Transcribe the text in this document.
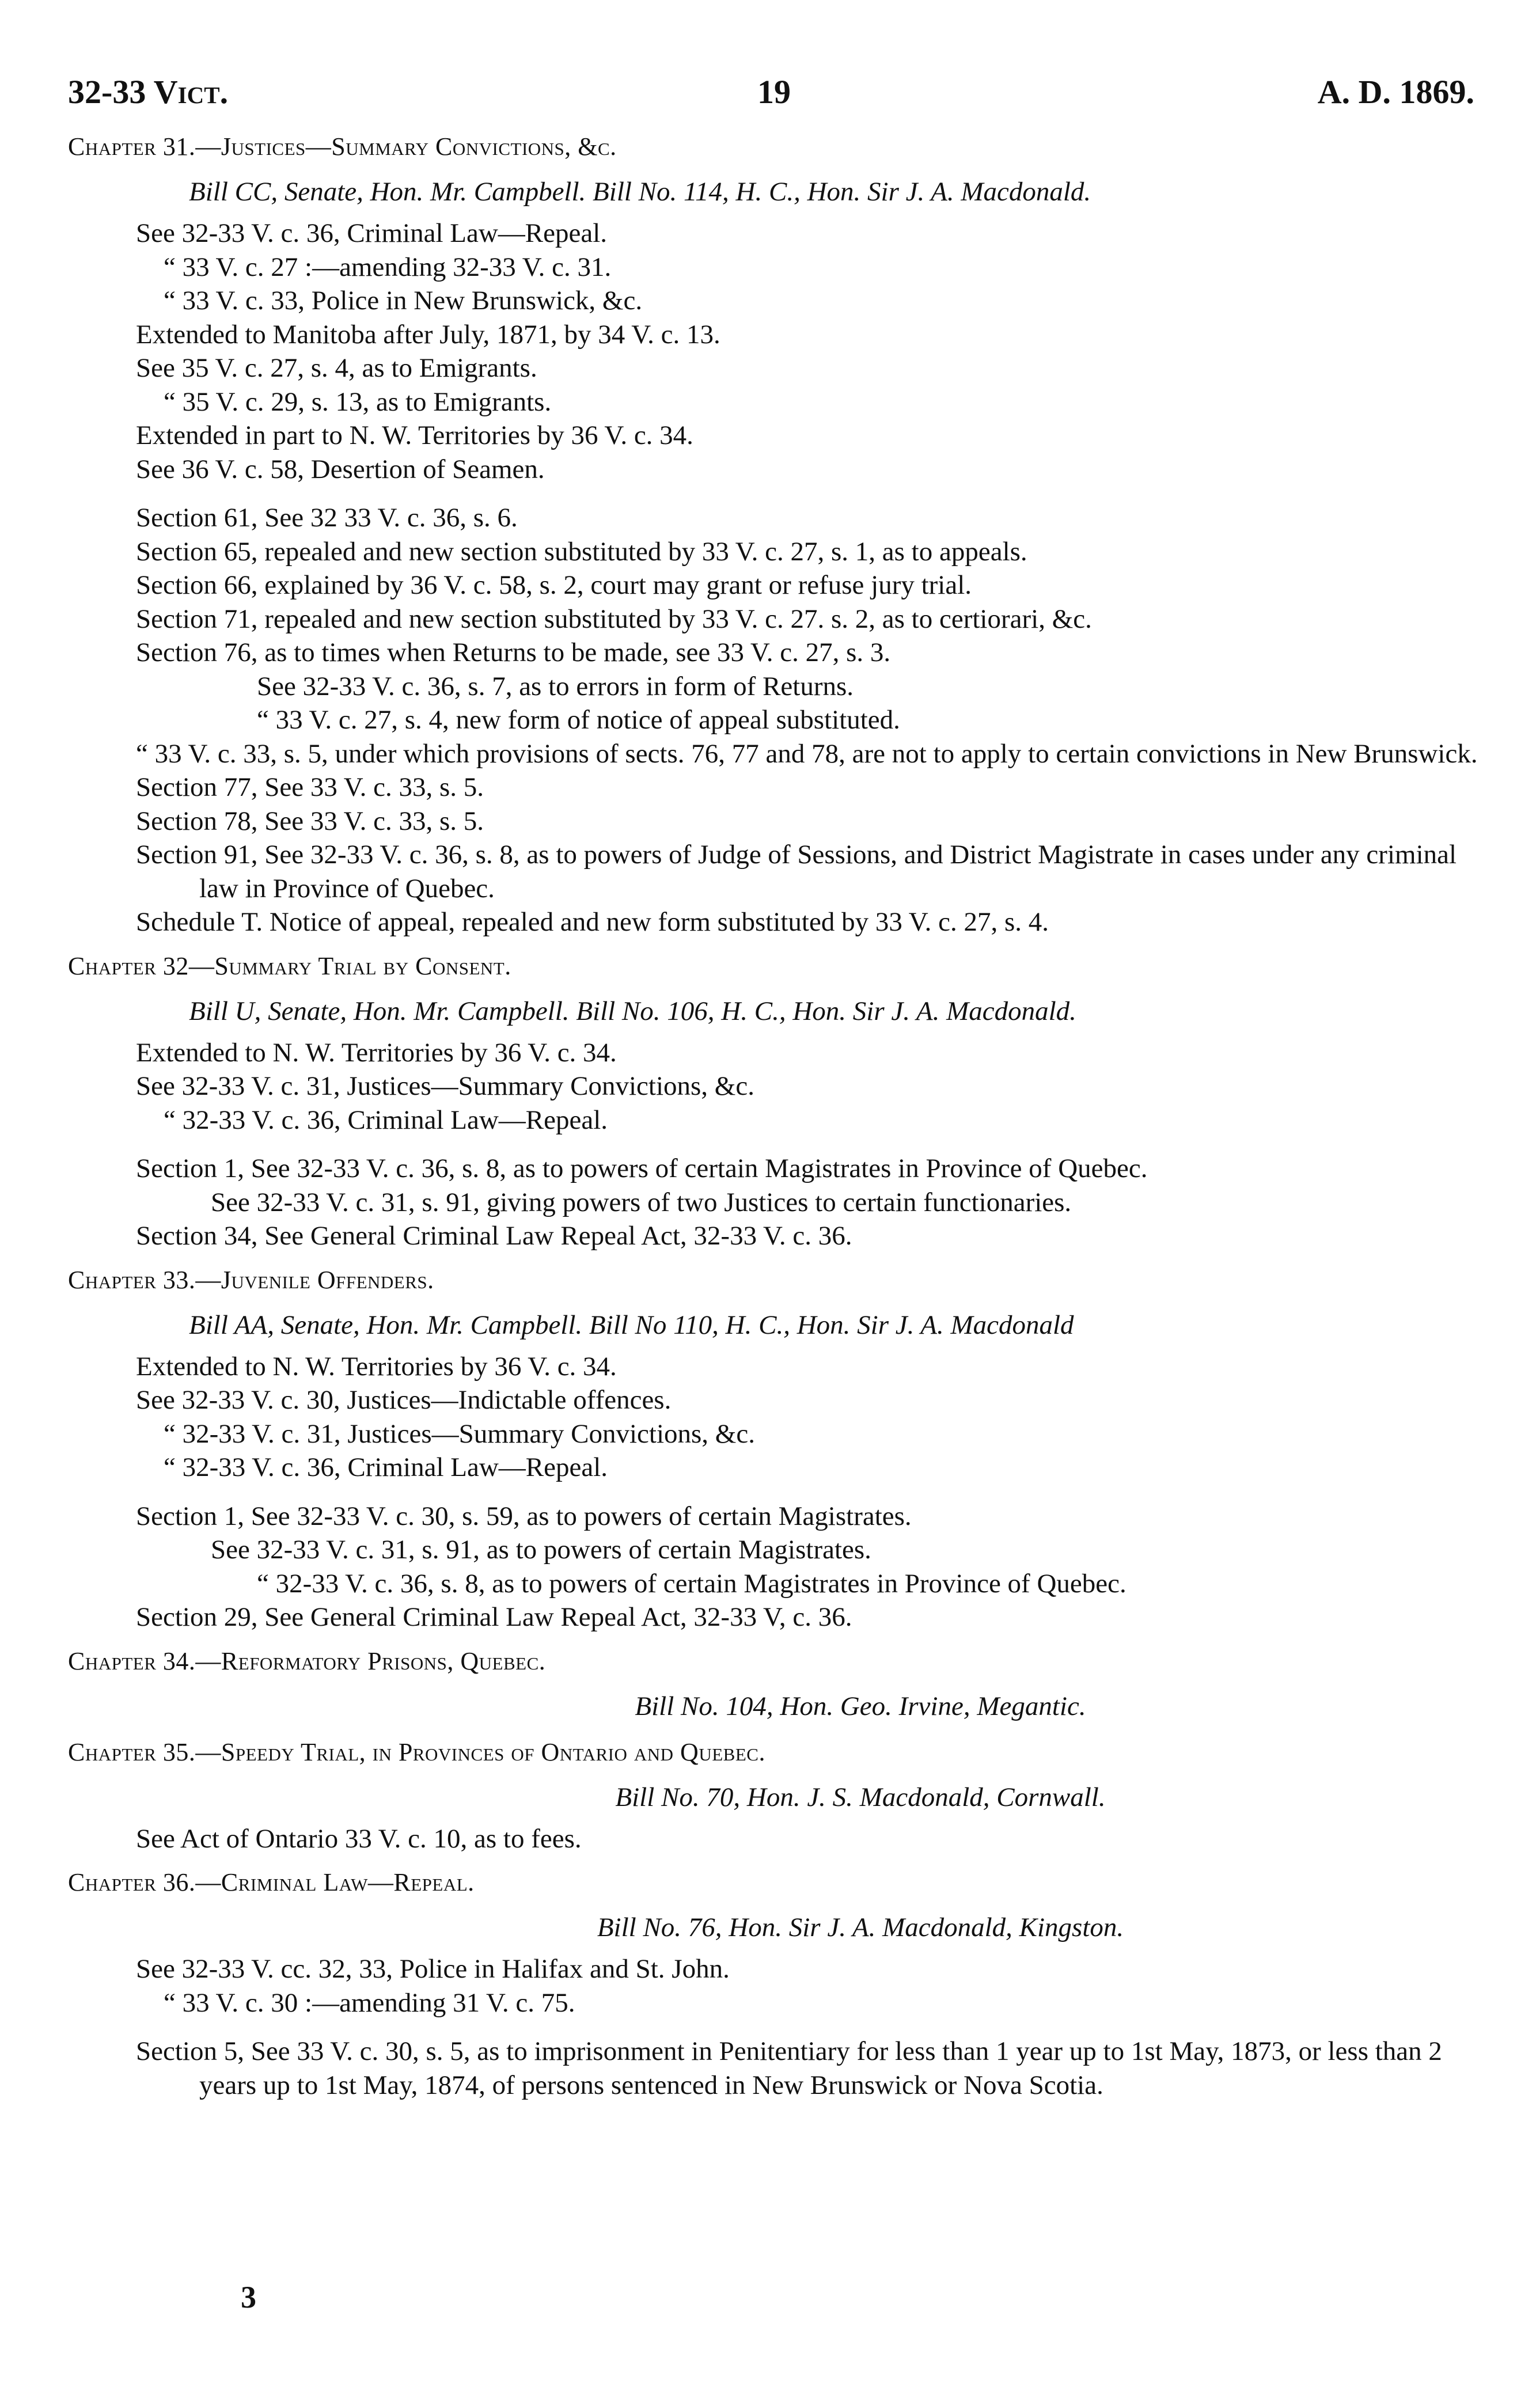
32-33 Vict.	19	A. D. 1869.
Chapter 31.—Justices—Summary Convictions, &c.
Bill CC, Senate, Hon. Mr. Campbell. Bill No. 114, H. C., Hon. Sir J. A. Macdonald.
See 32-33 V. c. 36, Criminal Law—Repeal.
“ 33 V. c. 27 :—amending 32-33 V. c. 31.
“ 33 V. c. 33, Police in New Brunswick, &c.
Extended to Manitoba after July, 1871, by 34 V. c. 13.
See 35 V. c. 27, s. 4, as to Emigrants.
“ 35 V. c. 29, s. 13, as to Emigrants.
Extended in part to N. W. Territories by 36 V. c. 34.
See 36 V. c. 58, Desertion of Seamen.
Section 61, See 32 33 V. c. 36, s. 6.
Section 65, repealed and new section substituted by 33 V. c. 27, s. 1, as to appeals.
Section 66, explained by 36 V. c. 58, s. 2, court may grant or refuse jury trial.
Section 71, repealed and new section substituted by 33 V. c. 27. s. 2, as to certiorari, &c.
Section 76, as to times when Returns to be made, see 33 V. c. 27, s. 3.
See 32-33 V. c. 36, s. 7, as to errors in form of Returns.
“ 33 V. c. 27, s. 4, new form of notice of appeal substituted.
“ 33 V. c. 33, s. 5, under which provisions of sects. 76, 77 and 78, are not to apply to certain convictions in New Brunswick.
Section 77, See 33 V. c. 33, s. 5.
Section 78, See 33 V. c. 33, s. 5.
Section 91, See 32-33 V. c. 36, s. 8, as to powers of Judge of Sessions, and District Magistrate in cases under any criminal law in Province of Quebec.
Schedule T. Notice of appeal, repealed and new form substituted by 33 V. c. 27, s. 4.
Chapter 32—Summary Trial by Consent.
Bill U, Senate, Hon. Mr. Campbell. Bill No. 106, H. C., Hon. Sir J. A. Macdonald.
Extended to N. W. Territories by 36 V. c. 34.
See 32-33 V. c. 31, Justices—Summary Convictions, &c.
“ 32-33 V. c. 36, Criminal Law—Repeal.
Section 1, See 32-33 V. c. 36, s. 8, as to powers of certain Magistrates in Province of Quebec.
See 32-33 V. c. 31, s. 91, giving powers of two Justices to certain functionaries.
Section 34, See General Criminal Law Repeal Act, 32-33 V. c. 36.
Chapter 33.—Juvenile Offenders.
Bill AA, Senate, Hon. Mr. Campbell. Bill No 110, H. C., Hon. Sir J. A. Macdonald
Extended to N. W. Territories by 36 V. c. 34.
See 32-33 V. c. 30, Justices—Indictable offences.
“ 32-33 V. c. 31, Justices—Summary Convictions, &c.
“ 32-33 V. c. 36, Criminal Law—Repeal.
Section 1, See 32-33 V. c. 30, s. 59, as to powers of certain Magistrates.
See 32-33 V. c. 31, s. 91, as to powers of certain Magistrates.
“ 32-33 V. c. 36, s. 8, as to powers of certain Magistrates in Province of Quebec.
Section 29, See General Criminal Law Repeal Act, 32-33 V, c. 36.
Chapter 34.—Reformatory Prisons, Quebec.
Bill No. 104, Hon. Geo. Irvine, Megantic.
Chapter 35.—Speedy Trial, in Provinces of Ontario and Quebec.
Bill No. 70, Hon. J. S. Macdonald, Cornwall.
See Act of Ontario 33 V. c. 10, as to fees.
Chapter 36.—Criminal Law—Repeal.
Bill No. 76, Hon. Sir J. A. Macdonald, Kingston.
See 32-33 V. cc. 32, 33, Police in Halifax and St. John.
“ 33 V. c. 30 :—amending 31 V. c. 75.
Section 5, See 33 V. c. 30, s. 5, as to imprisonment in Penitentiary for less than 1 year up to 1st May, 1873, or less than 2 years up to 1st May, 1874, of persons sentenced in New Brunswick or Nova Scotia.
3
